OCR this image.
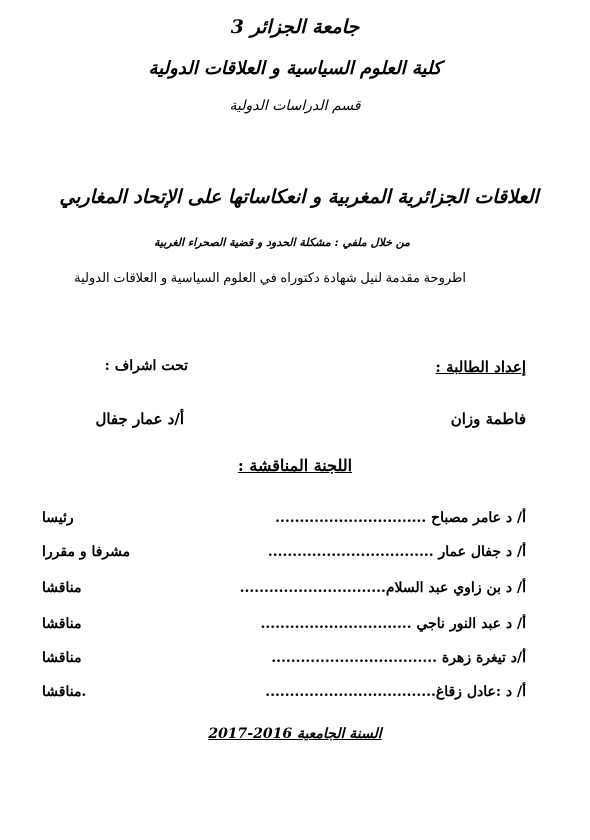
جامعة الجزائر 3
كلية العلوم السياسية و العلاقات الدولية
قسم الدراسات الدولية
العلاقات الجزائرية المغربية و انعكاساتها على الإتحاد المغاربي
من خلال ملفي : مشكلة الحدود و قضية الصحراء الغربية
اطروحة مقدمة لنيل شهادة دكتوراه في العلوم السياسية و العلاقات الدولية
إعداد الطالبة :
تحت اشراف :
فاطمة وزان
أ/د عمار جفال
اللجنة المناقشة :
أ/ د عامر مصباح ...............................
رئيسا
أ/ د جفال عمار ..................................
مشرفا و مقررا
أ/ د بن زاوي عبد السلام..............................
مناقشا
أ/ د عبد النور ناجي ...............................
مناقشا
أ/د تيغرة زهرة ..................................
مناقشا
أ/ د :عادل زقاغ...................................
.مناقشا
السنة الجامعية 2016-2017
